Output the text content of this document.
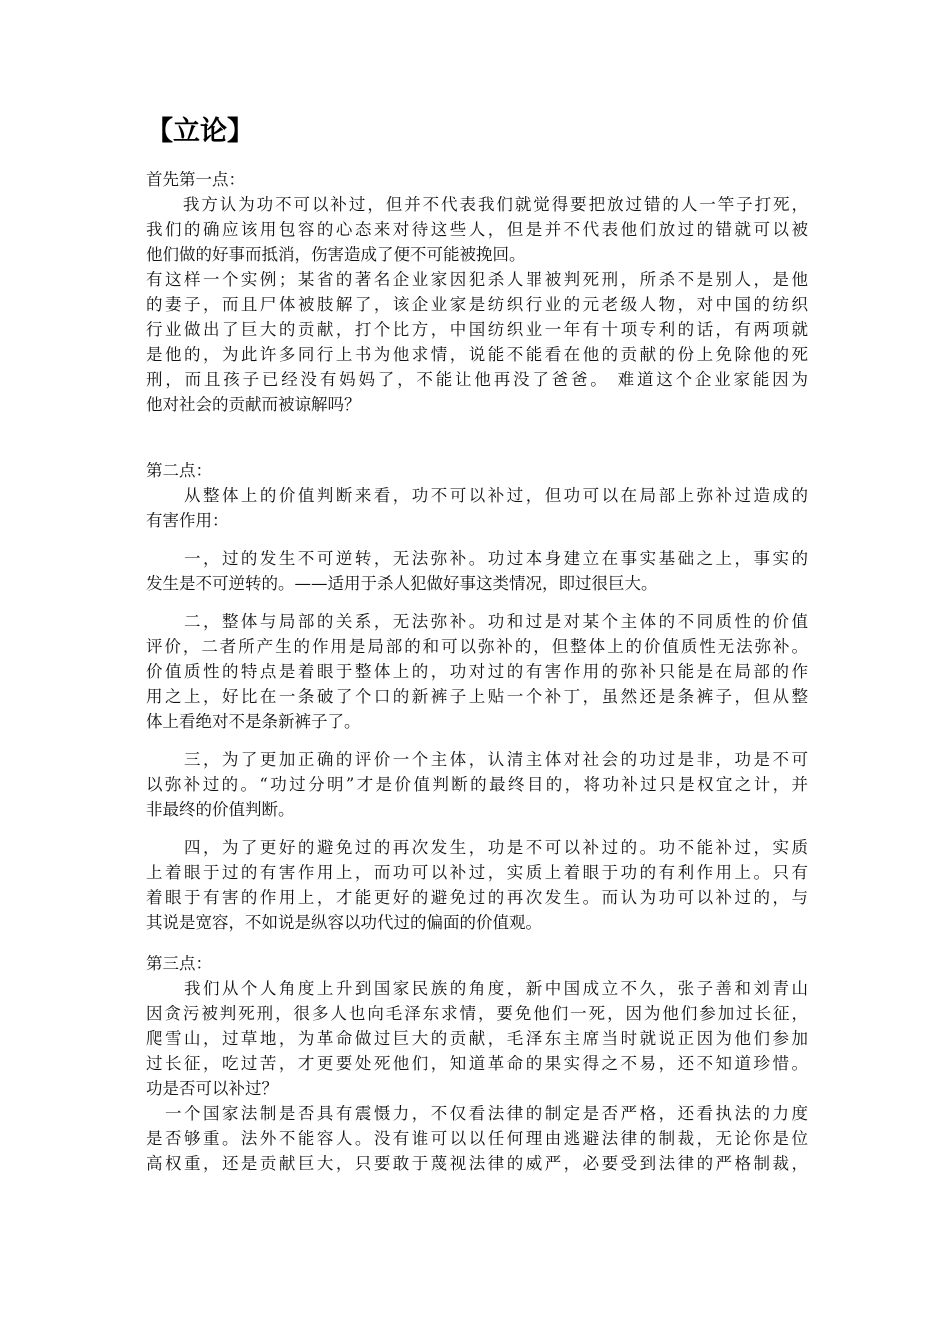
【立论】

首先第一点：

　　我方认为功不可以补过，但并不代表我们就觉得要把放过错的人一竿子打死，

我们的确应该用包容的心态来对待这些人，但是并不代表他们放过的错就可以被

他们做的好事而抵消，伤害造成了便不可能被挽回。

有这样一个实例；某省的著名企业家因犯杀人罪被判死刑，所杀不是别人，是他

的妻子，而且尸体被肢解了，该企业家是纺织行业的元老级人物，对中国的纺织

行业做出了巨大的贡献，打个比方，中国纺织业一年有十项专利的话，有两项就

是他的，为此许多同行上书为他求情，说能不能看在他的贡献的份上免除他的死

刑，而且孩子已经没有妈妈了，不能让他再没了爸爸。 难道这个企业家能因为

他对社会的贡献而被谅解吗？

第二点：

　　从整体上的价值判断来看，功不可以补过，但功可以在局部上弥补过造成的

有害作用：

　　一，过的发生不可逆转，无法弥补。功过本身建立在事实基础之上，事实的

发生是不可逆转的。——适用于杀人犯做好事这类情况，即过很巨大。

　　二，整体与局部的关系，无法弥补。功和过是对某个主体的不同质性的价值

评价，二者所产生的作用是局部的和可以弥补的，但整体上的价值质性无法弥补。

价值质性的特点是着眼于整体上的，功对过的有害作用的弥补只能是在局部的作

用之上，好比在一条破了个口的新裤子上贴一个补丁，虽然还是条裤子，但从整

体上看绝对不是条新裤子了。

　　三，为了更加正确的评价一个主体，认清主体对社会的功过是非，功是不可

以弥补过的。“功过分明”才是价值判断的最终目的，将功补过只是权宜之计，并

非最终的价值判断。

　　四，为了更好的避免过的再次发生，功是不可以补过的。功不能补过，实质

上着眼于过的有害作用上，而功可以补过，实质上着眼于功的有利作用上。只有

着眼于有害的作用上，才能更好的避免过的再次发生。而认为功可以补过的，与

其说是宽容，不如说是纵容以功代过的偏面的价值观。

第三点：

　　我们从个人角度上升到国家民族的角度，新中国成立不久，张子善和刘青山

因贪污被判死刑，很多人也向毛泽东求情，要免他们一死，因为他们参加过长征，

爬雪山，过草地，为革命做过巨大的贡献，毛泽东主席当时就说正因为他们参加

过长征，吃过苦，才更要处死他们，知道革命的果实得之不易，还不知道珍惜。

功是否可以补过？

　一个国家法制是否具有震慑力，不仅看法律的制定是否严格，还看执法的力度

是否够重。法外不能容人。没有谁可以以任何理由逃避法律的制裁，无论你是位

高权重，还是贡献巨大，只要敢于蔑视法律的威严，必要受到法律的严格制裁，
